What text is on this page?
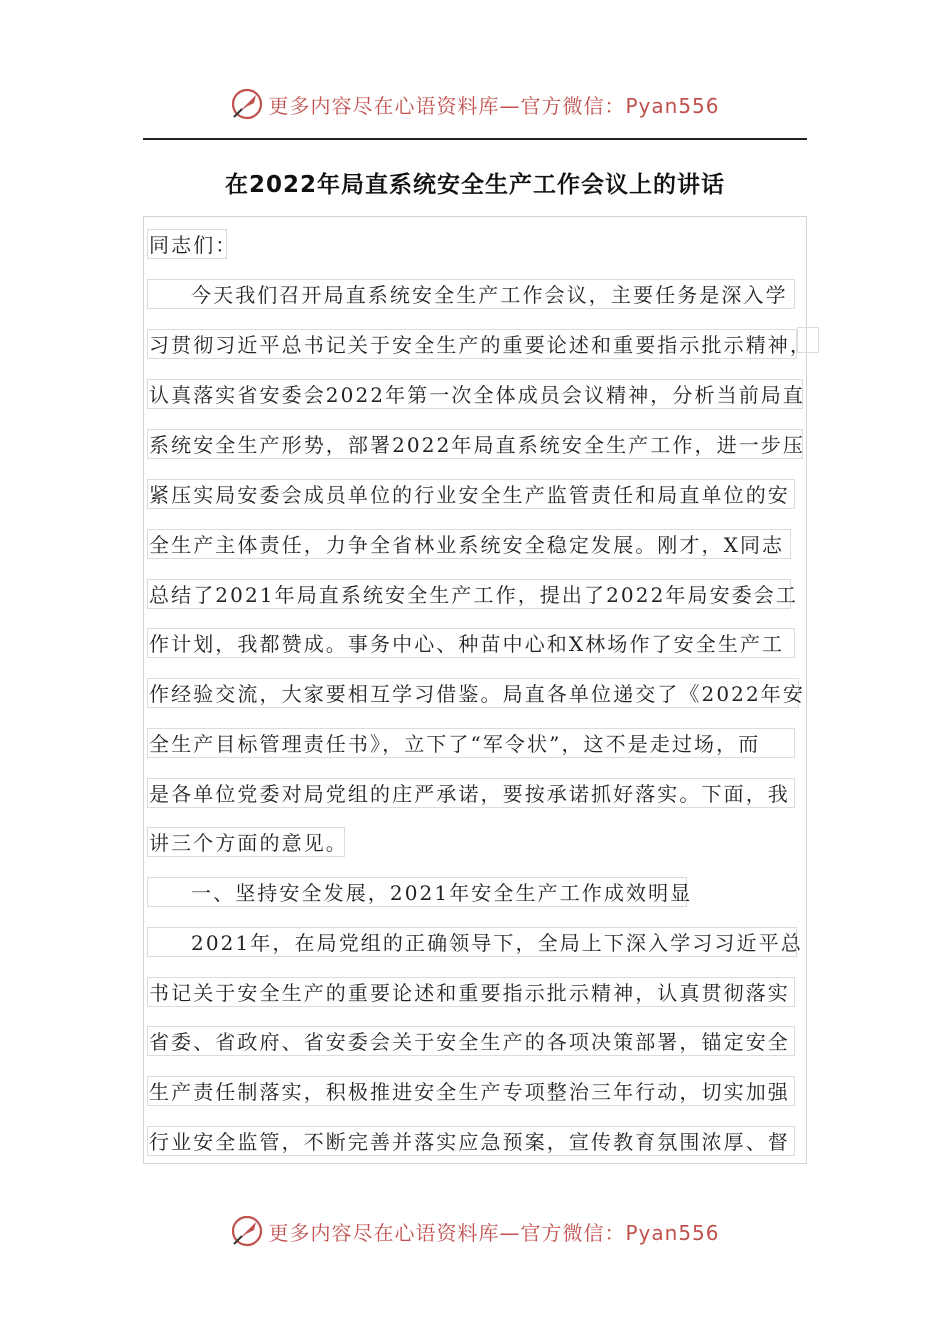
更多内容尽在心语资料库—官方微信：Pyan556
在2022年局直系统安全生产工作会议上的讲话
同志们：
今天我们召开局直系统安全生产工作会议，主要任务是深入学
习贯彻习近平总书记关于安全生产的重要论述和重要指示批示精神，
认真落实省安委会2022年第一次全体成员会议精神，分析当前局直
系统安全生产形势，部署2022年局直系统安全生产工作，进一步压
紧压实局安委会成员单位的行业安全生产监管责任和局直单位的安
全生产主体责任，力争全省林业系统安全稳定发展。刚才，X同志
总结了2021年局直系统安全生产工作，提出了2022年局安委会工
作计划，我都赞成。事务中心、种苗中心和X林场作了安全生产工
作经验交流，大家要相互学习借鉴。局直各单位递交了《2022年安
全生产目标管理责任书》，立下了“军令状”，这不是走过场，而
是各单位党委对局党组的庄严承诺，要按承诺抓好落实。下面，我
讲三个方面的意见。
一、坚持安全发展，2021年安全生产工作成效明显
2021年，在局党组的正确领导下，全局上下深入学习习近平总
书记关于安全生产的重要论述和重要指示批示精神，认真贯彻落实
省委、省政府、省安委会关于安全生产的各项决策部署，锚定安全
生产责任制落实，积极推进安全生产专项整治三年行动，切实加强
行业安全监管，不断完善并落实应急预案，宣传教育氛围浓厚、督
更多内容尽在心语资料库—官方微信：Pyan556
